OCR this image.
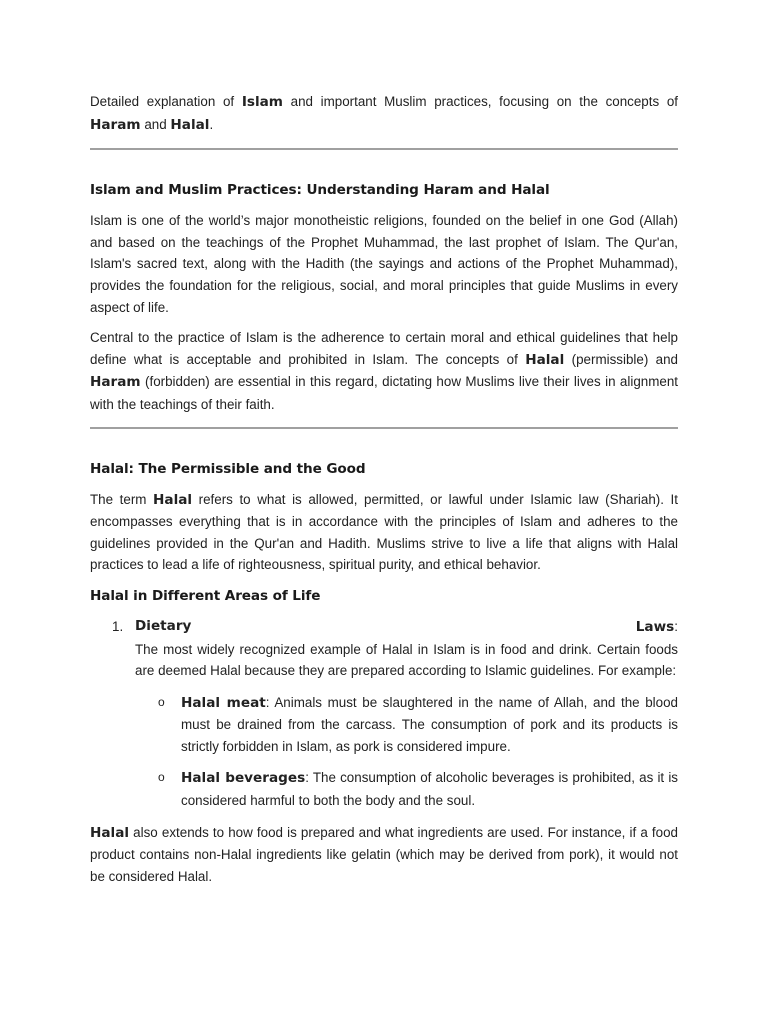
Detailed explanation of Islam and important Muslim practices, focusing on the concepts of Haram and Halal.

Islam and Muslim Practices: Understanding Haram and Halal

Islam is one of the world’s major monotheistic religions, founded on the belief in one God (Allah) and based on the teachings of the Prophet Muhammad, the last prophet of Islam. The Qur'an, Islam's sacred text, along with the Hadith (the sayings and actions of the Prophet Muhammad), provides the foundation for the religious, social, and moral principles that guide Muslims in every aspect of life.

Central to the practice of Islam is the adherence to certain moral and ethical guidelines that help define what is acceptable and prohibited in Islam. The concepts of Halal (permissible) and Haram (forbidden) are essential in this regard, dictating how Muslims live their lives in alignment with the teachings of their faith.

Halal: The Permissible and the Good

The term Halal refers to what is allowed, permitted, or lawful under Islamic law (Shariah). It encompasses everything that is in accordance with the principles of Islam and adheres to the guidelines provided in the Qur'an and Hadith. Muslims strive to live a life that aligns with Halal practices to lead a life of righteousness, spiritual purity, and ethical behavior.

Halal in Different Areas of Life
1. Dietary	Laws:

The most widely recognized example of Halal in Islam is in food and drink. Certain foods are deemed Halal because they are prepared according to Islamic guidelines. For example:

o Halal meat: Animals must be slaughtered in the name of Allah, and the blood must be drained from the carcass. The consumption of pork and its products is strictly forbidden in Islam, as pork is considered impure.

o Halal beverages: The consumption of alcoholic beverages is prohibited, as it is considered harmful to both the body and the soul.

Halal also extends to how food is prepared and what ingredients are used. For instance, if a food product contains non-Halal ingredients like gelatin (which may be derived from pork), it would not be considered Halal.
